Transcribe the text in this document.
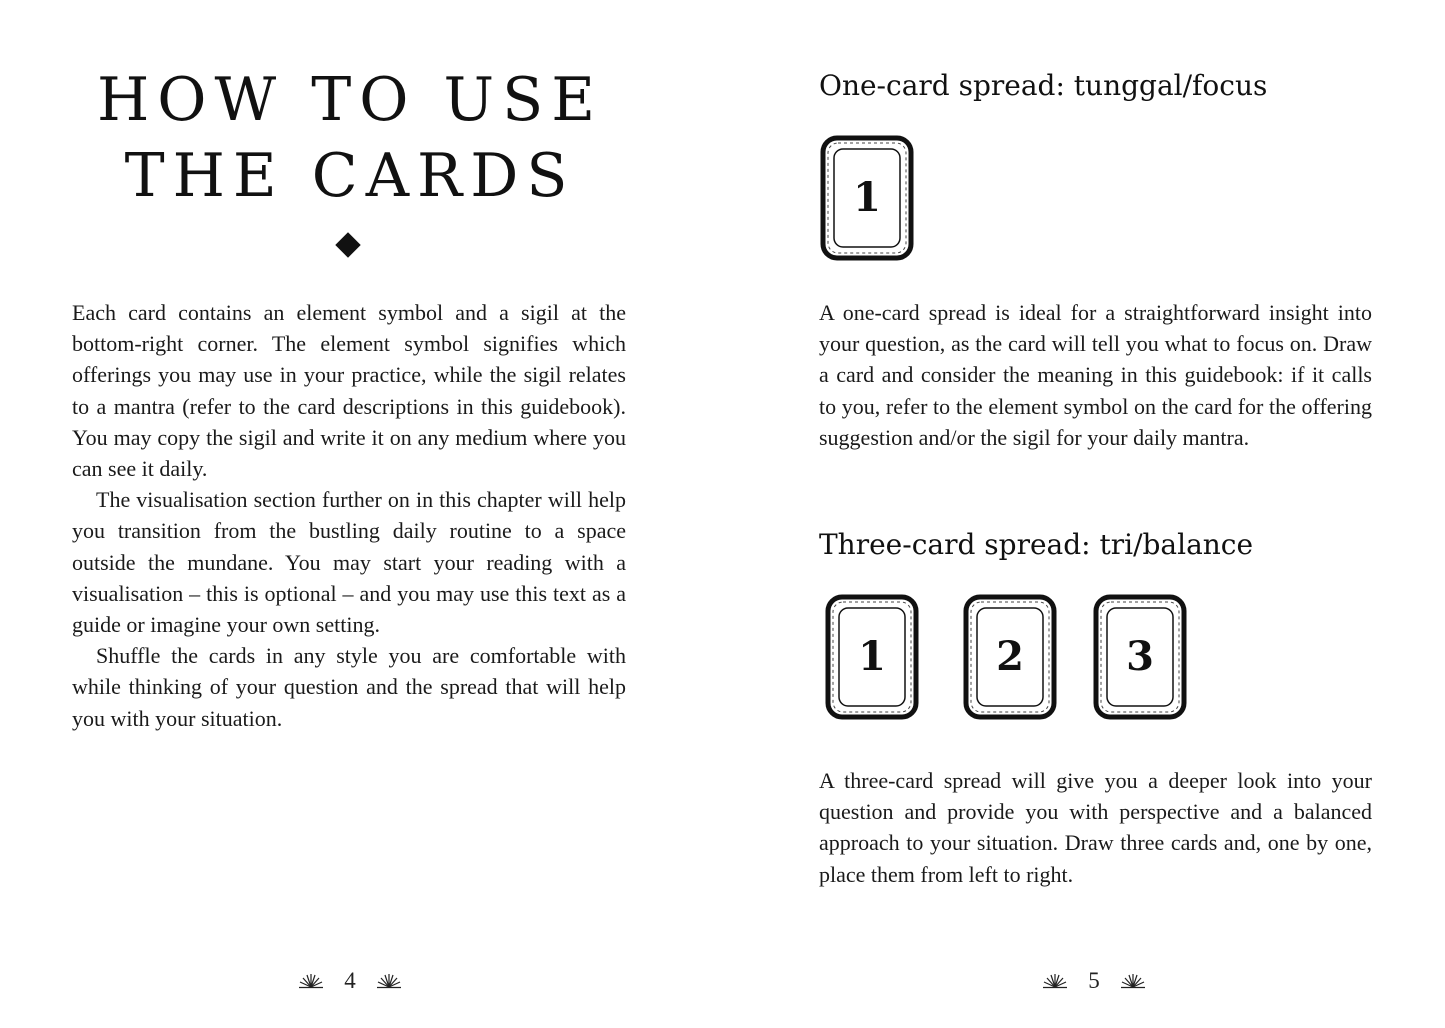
HOW TO USE
THE CARDS

Each card contains an element symbol and a sigil at the bottom-right corner. The element symbol signifies which offerings you may use in your practice, while the sigil relates to a mantra (refer to the card descriptions in this guidebook). You may copy the sigil and write it on any medium where you can see it daily.

The visualisation section further on in this chapter will help you transition from the bustling daily routine to a space outside the mundane. You may start your reading with a visualisation – this is optional – and you may use this text as a guide or imagine your own setting.

Shuffle the cards in any style you are comfortable with while thinking of your question and the spread that will help you with your situation.

4
One-card spread: tunggal/focus
1
A one-card spread is ideal for a straightforward insight into your question, as the card will tell you what to focus on. Draw a card and consider the meaning in this guidebook: if it calls to you, refer to the element symbol on the card for the offering suggestion and/or the sigil for your daily mantra.
Three-card spread: tri/balance
1	2	3
A three-card spread will give you a deeper look into your question and provide you with perspective and a balanced approach to your situation. Draw three cards and, one by one, place them from left to right.
5
